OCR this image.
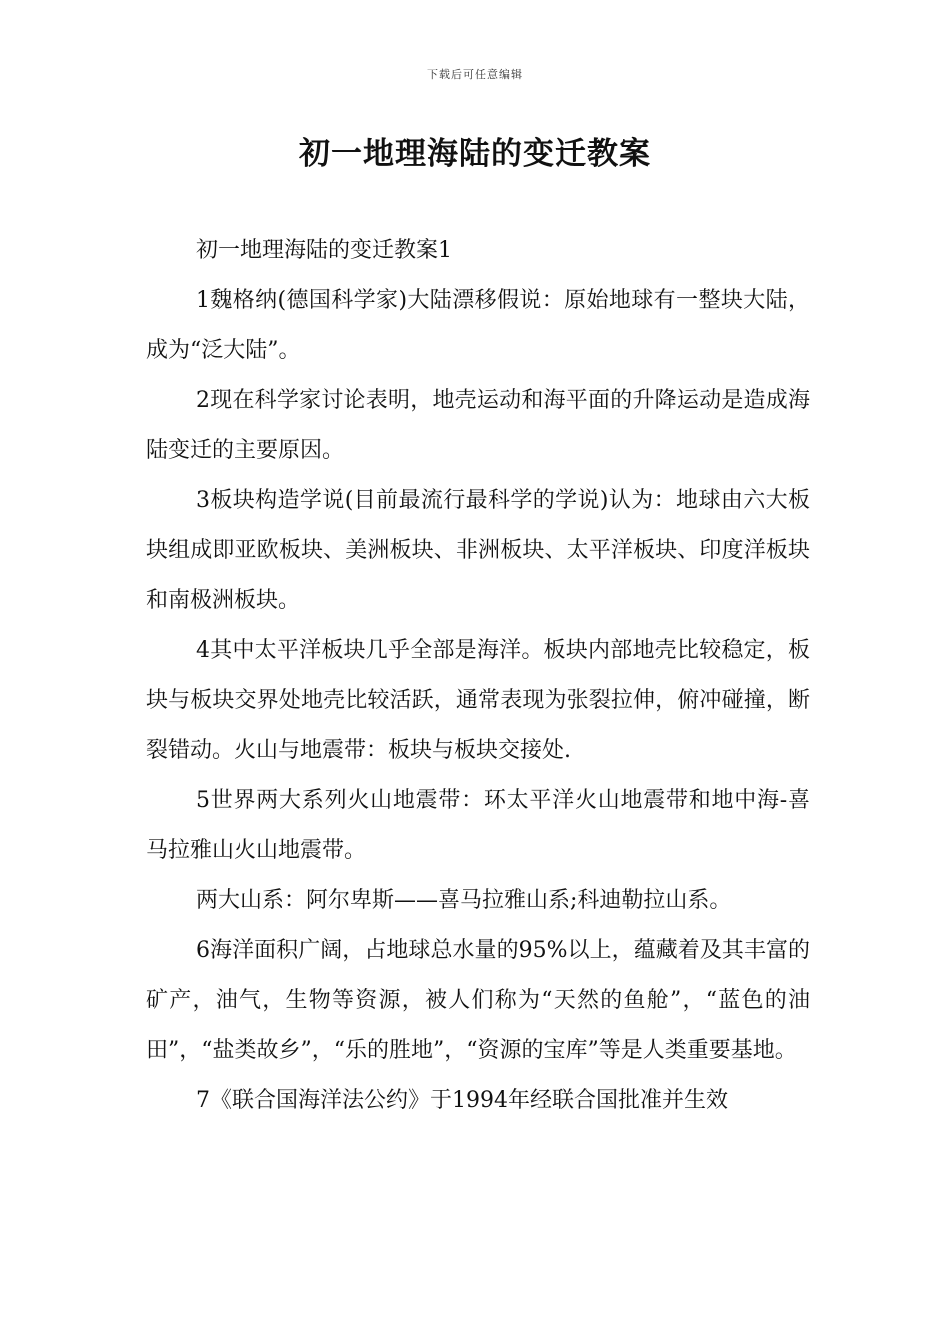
下载后可任意编辑
初一地理海陆的变迁教案

初一地理海陆的变迁教案1

1魏格纳(德国科学家)大陆漂移假说：原始地球有一整块大陆，成为“泛大陆”。

2现在科学家讨论表明，地壳运动和海平面的升降运动是造成海陆变迁的主要原因。

3板块构造学说(目前最流行最科学的学说)认为：地球由六大板块组成即亚欧板块、美洲板块、非洲板块、太平洋板块、印度洋板块和南极洲板块。

4其中太平洋板块几乎全部是海洋。板块内部地壳比较稳定，板块与板块交界处地壳比较活跃，通常表现为张裂拉伸，俯冲碰撞，断裂错动。火山与地震带：板块与板块交接处.

5世界两大系列火山地震带：环太平洋火山地震带和地中海-喜马拉雅山火山地震带。

两大山系：阿尔卑斯——喜马拉雅山系;科迪勒拉山系。

6海洋面积广阔，占地球总水量的95%以上，蕴藏着及其丰富的矿产，油气，生物等资源，被人们称为“天然的鱼舱”，“蓝色的油田”，“盐类故乡”，“乐的胜地”，“资源的宝库”等是人类重要基地。

7《联合国海洋法公约》于1994年经联合国批准并生效
